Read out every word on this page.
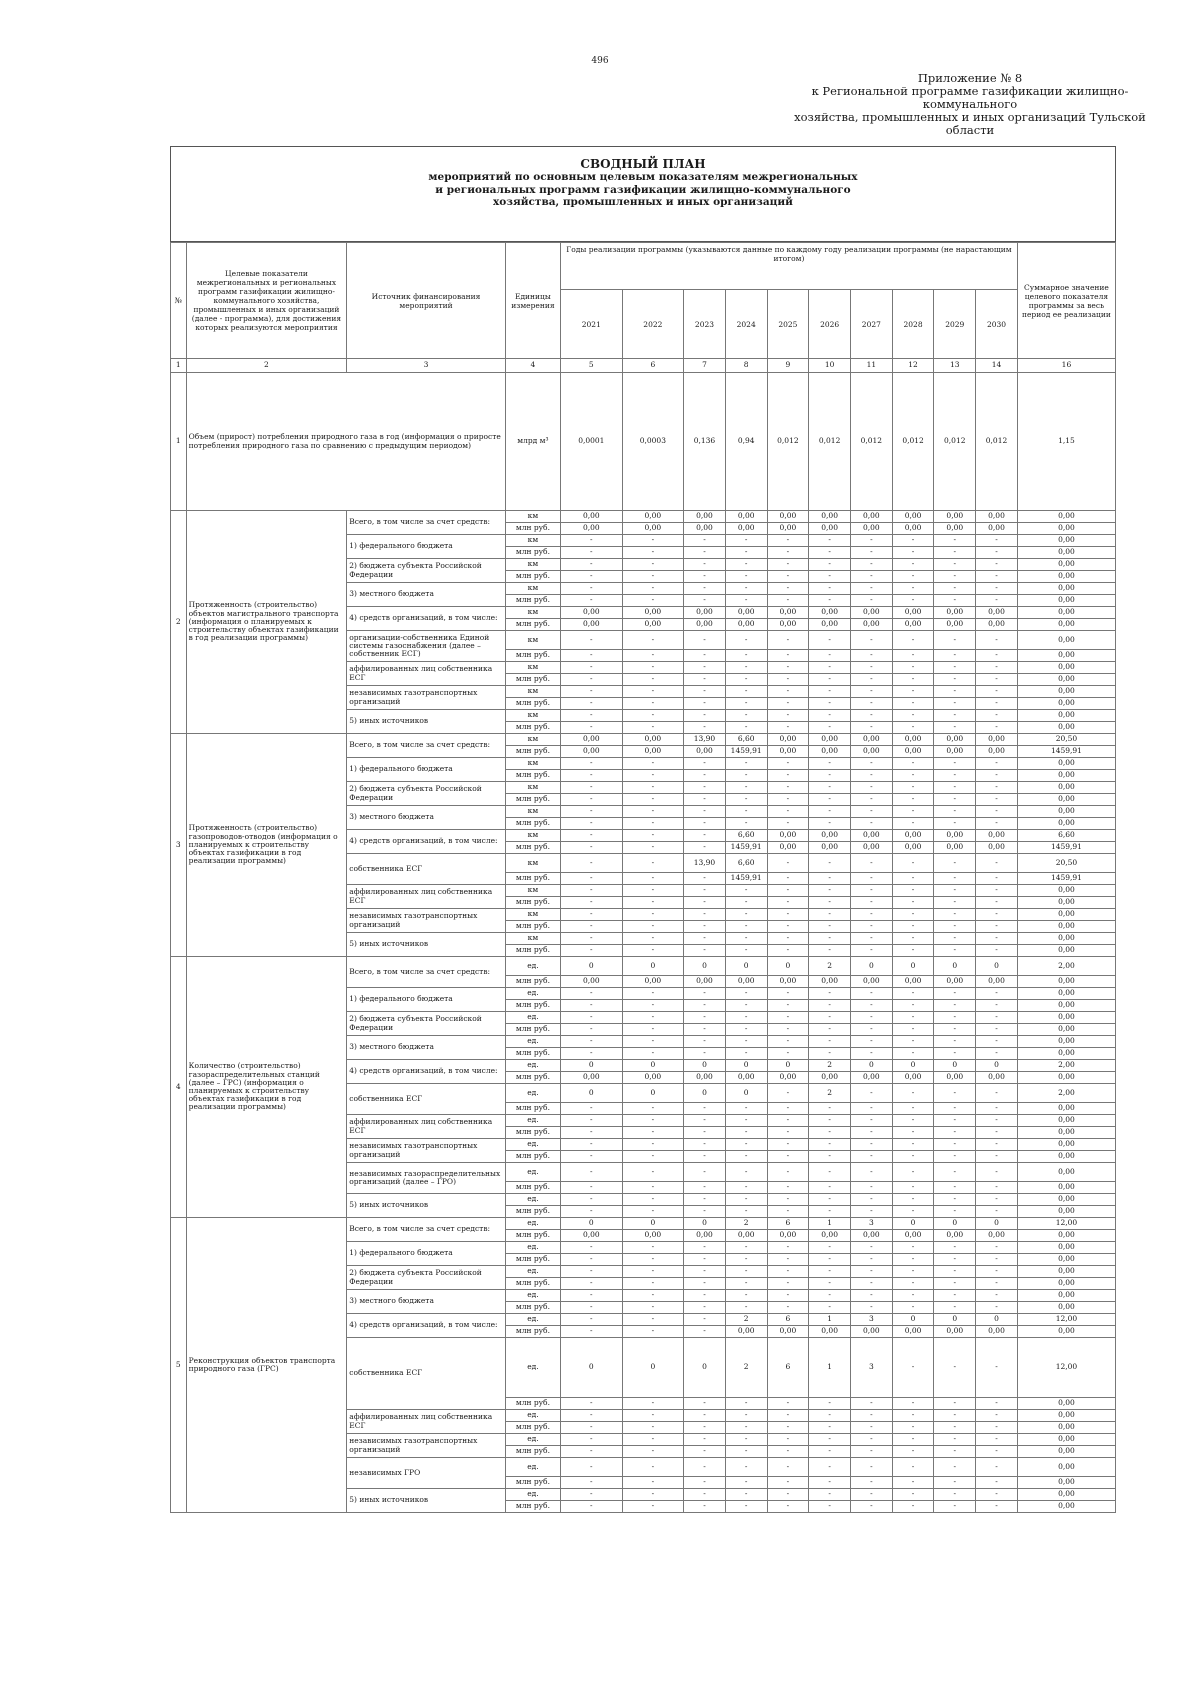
496
Приложение № 8
к Региональной программе газификации жилищно-
коммунального
хозяйства, промышленных и иных организаций Тульской
области
СВОДНЫЙ ПЛАН
мероприятий по основным целевым показателям межрегиональных
и региональных программ газификации жилищно-коммунального
хозяйства, промышленных и иных организаций
№	Целевые показатели межрегиональных и региональных программ газификации жилищно-коммунального хозяйства, промышленных и иных организаций (далее - программа), для достижения которых реализуются мероприятия	Источник финансирования мероприятий	Единицы измерения	Годы реализации программы (указываются данные по каждому году реализации программы (не нарастающим итогом)										Суммарное значение целевого показателя программы за весь период ее реализации
				2021	2022	2023	2024	2025	2026	2027	2028	2029	2030	
1	2	3	4	5	6	7	8	9	10	11	12	13	14	16
1	Объем (прирост) потребления природного газа в год (информация о приросте потребления природного газа по сравнению с предыдущим периодом)		млрд м³	0,0001	0,0003	0,136	0,94	0,012	0,012	0,012	0,012	0,012	0,012	1,15
2	Протяженность (строительство) объектов магистрального транспорта (информация о планируемых к строительству объектах газификации в год реализации программы)	Всего, в том числе за счет средств:	км	0,00	0,00	0,00	0,00	0,00	0,00	0,00	0,00	0,00	0,00	0,00
			млн руб.	0,00	0,00	0,00	0,00	0,00	0,00	0,00	0,00	0,00	0,00	0,00
		1) федерального бюджета	км	-	-	-	-	-	-	-	-	-	-	0,00
			млн руб.	-	-	-	-	-	-	-	-	-	-	0,00
		2) бюджета субъекта Российской Федерации	км	-	-	-	-	-	-	-	-	-	-	0,00
			млн руб.	-	-	-	-	-	-	-	-	-	-	0,00
		3) местного бюджета	км	-	-	-	-	-	-	-	-	-	-	0,00
			млн руб.	-	-	-	-	-	-	-	-	-	-	0,00
		4) средств организаций, в том числе:	км	0,00	0,00	0,00	0,00	0,00	0,00	0,00	0,00	0,00	0,00	0,00
			млн руб.	0,00	0,00	0,00	0,00	0,00	0,00	0,00	0,00	0,00	0,00	0,00
		организации-собственника Единой системы газоснабжения (далее – собственник ЕСГ)	км	-	-	-	-	-	-	-	-	-	-	0,00
			млн руб.	-	-	-	-	-	-	-	-	-	-	0,00
		аффилированных лиц собственника ЕСГ	км	-	-	-	-	-	-	-	-	-	-	0,00
			млн руб.	-	-	-	-	-	-	-	-	-	-	0,00
		независимых газотранспортных организаций	км	-	-	-	-	-	-	-	-	-	-	0,00
			млн руб.	-	-	-	-	-	-	-	-	-	-	0,00
		5) иных источников	км	-	-	-	-	-	-	-	-	-	-	0,00
			млн руб.	-	-	-	-	-	-	-	-	-	-	0,00
3	Протяженность (строительство) газопроводов-отводов (информация о планируемых к строительству объектах газификации в год реализации программы)	Всего, в том числе за счет средств:	км	0,00	0,00	13,90	6,60	0,00	0,00	0,00	0,00	0,00	0,00	20,50
			млн руб.	0,00	0,00	0,00	1459,91	0,00	0,00	0,00	0,00	0,00	0,00	1459,91
		1) федерального бюджета	км	-	-	-	-	-	-	-	-	-	-	0,00
			млн руб.	-	-	-	-	-	-	-	-	-	-	0,00
		2) бюджета субъекта Российской Федерации	км	-	-	-	-	-	-	-	-	-	-	0,00
			млн руб.	-	-	-	-	-	-	-	-	-	-	0,00
		3) местного бюджета	км	-	-	-	-	-	-	-	-	-	-	0,00
			млн руб.	-	-	-	-	-	-	-	-	-	-	0,00
		4) средств организаций, в том числе:	км	-	-	-	6,60	0,00	0,00	0,00	0,00	0,00	0,00	6,60
			млн руб.	-	-	-	1459,91	0,00	0,00	0,00	0,00	0,00	0,00	1459,91
		собственника ЕСГ	км	-	-	13,90	6,60	-	-	-	-	-	-	20,50
			млн руб.	-	-	-	1459,91	-	-	-	-	-	-	1459,91
		аффилированных лиц собственника ЕСГ	км	-	-	-	-	-	-	-	-	-	-	0,00
			млн руб.	-	-	-	-	-	-	-	-	-	-	0,00
		независимых газотранспортных организаций	км	-	-	-	-	-	-	-	-	-	-	0,00
			млн руб.	-	-	-	-	-	-	-	-	-	-	0,00
		5) иных источников	км	-	-	-	-	-	-	-	-	-	-	0,00
			млн руб.	-	-	-	-	-	-	-	-	-	-	0,00
4	Количество (строительство) газораспределительных станций (далее – ГРС) (информация о планируемых к строительству объектах газификации в год реализации программы)	Всего, в том числе за счет средств:	ед.	0	0	0	0	0	2	0	0	0	0	2,00
			млн руб.	0,00	0,00	0,00	0,00	0,00	0,00	0,00	0,00	0,00	0,00	0,00
		1) федерального бюджета	ед.	-	-	-	-	-	-	-	-	-	-	0,00
			млн руб.	-	-	-	-	-	-	-	-	-	-	0,00
		2) бюджета субъекта Российской Федерации	ед.	-	-	-	-	-	-	-	-	-	-	0,00
			млн руб.	-	-	-	-	-	-	-	-	-	-	0,00
		3) местного бюджета	ед.	-	-	-	-	-	-	-	-	-	-	0,00
			млн руб.	-	-	-	-	-	-	-	-	-	-	0,00
		4) средств организаций, в том числе:	ед.	0	0	0	0	0	2	0	0	0	0	2,00
			млн руб.	0,00	0,00	0,00	0,00	0,00	0,00	0,00	0,00	0,00	0,00	0,00
		собственника ЕСГ	ед.	0	0	0	0	-	2	-	-	-	-	2,00
			млн руб.	-	-	-	-	-	-	-	-	-	-	0,00
		аффилированных лиц собственника ЕСГ	ед.	-	-	-	-	-	-	-	-	-	-	0,00
			млн руб.	-	-	-	-	-	-	-	-	-	-	0,00
		независимых газотранспортных организаций	ед.	-	-	-	-	-	-	-	-	-	-	0,00
			млн руб.	-	-	-	-	-	-	-	-	-	-	0,00
		независимых газораспределительных организаций (далее – ГРО)	ед.	-	-	-	-	-	-	-	-	-	-	0,00
			млн руб.	-	-	-	-	-	-	-	-	-	-	0,00
		5) иных источников	ед.	-	-	-	-	-	-	-	-	-	-	0,00
			млн руб.	-	-	-	-	-	-	-	-	-	-	0,00
5	Реконструкция объектов транспорта природного газа (ГРС)	Всего, в том числе за счет средств:	ед.	0	0	0	2	6	1	3	0	0	0	12,00
			млн руб.	0,00	0,00	0,00	0,00	0,00	0,00	0,00	0,00	0,00	0,00	0,00
		1) федерального бюджета	ед.	-	-	-	-	-	-	-	-	-	-	0,00
			млн руб.	-	-	-	-	-	-	-	-	-	-	0,00
		2) бюджета субъекта Российской Федерации	ед.	-	-	-	-	-	-	-	-	-	-	0,00
			млн руб.	-	-	-	-	-	-	-	-	-	-	0,00
		3) местного бюджета	ед.	-	-	-	-	-	-	-	-	-	-	0,00
			млн руб.	-	-	-	-	-	-	-	-	-	-	0,00
		4) средств организаций, в том числе:	ед.	-	-	-	2	6	1	3	0	0	0	12,00
			млн руб.	-	-	-	0,00	0,00	0,00	0,00	0,00	0,00	0,00	0,00
		собственника ЕСГ	ед.	0	0	0	2	6	1	3	-	-	-	12,00
			млн руб.	-	-	-	-	-	-	-	-	-	-	0,00
		аффилированных лиц собственника ЕСГ	ед.	-	-	-	-	-	-	-	-	-	-	0,00
			млн руб.	-	-	-	-	-	-	-	-	-	-	0,00
		независимых газотранспортных организаций	ед.	-	-	-	-	-	-	-	-	-	-	0,00
			млн руб.	-	-	-	-	-	-	-	-	-	-	0,00
		независимых ГРО	ед.	-	-	-	-	-	-	-	-	-	-	0,00
			млн руб.	-	-	-	-	-	-	-	-	-	-	0,00
		5) иных источников	ед.	-	-	-	-	-	-	-	-	-	-	0,00
			млн руб.	-	-	-	-	-	-	-	-	-	-	0,00
